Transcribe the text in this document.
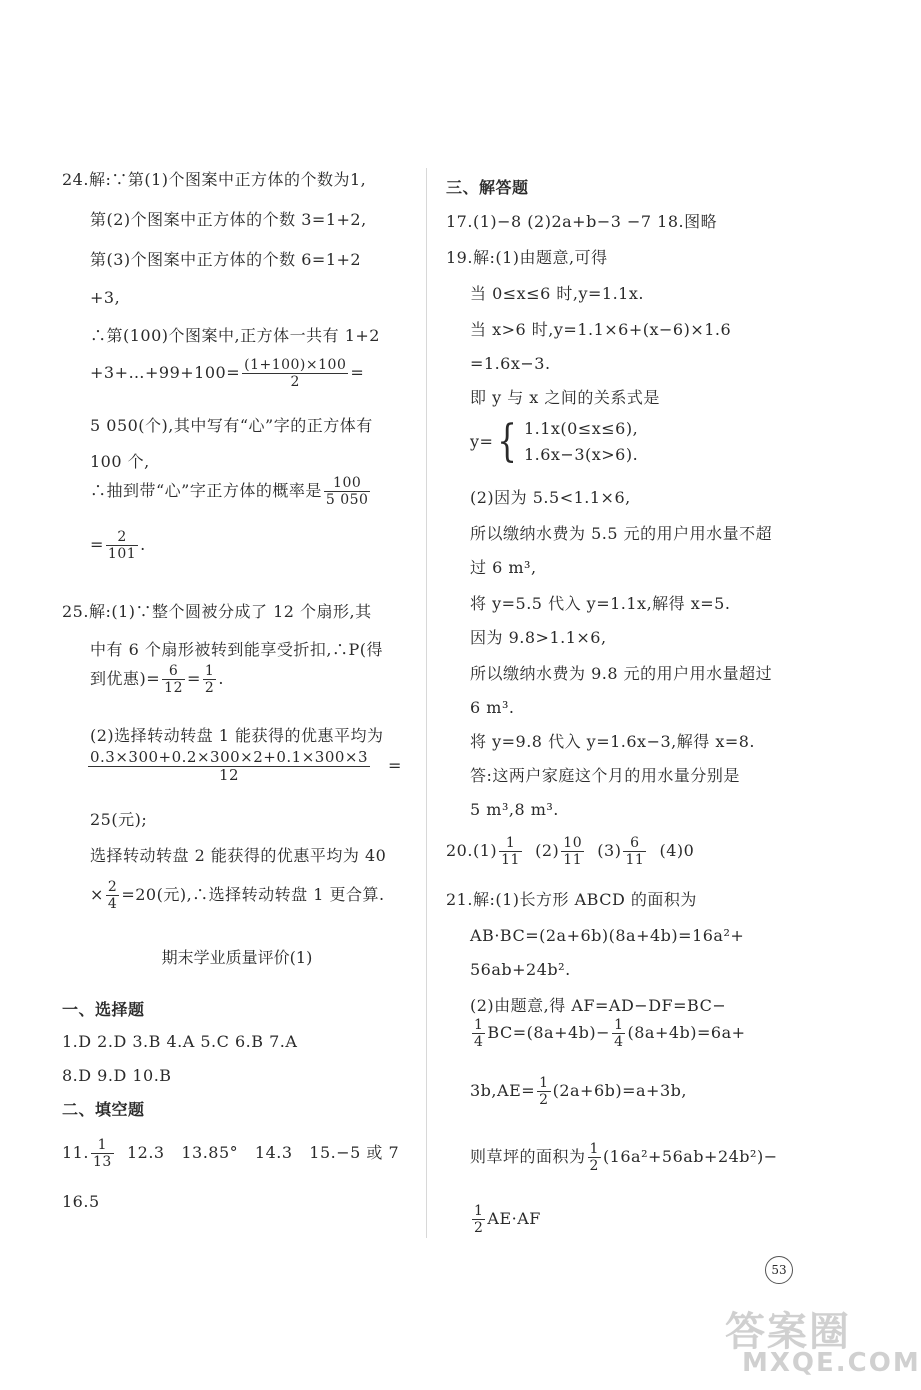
24.解:∵第(1)个图案中正方体的个数为1,
第(2)个图案中正方体的个数 3=1+2,
第(3)个图案中正方体的个数 6=1+2
+3,
∴第(100)个图案中,正方体一共有 1+2
5 050(个),其中写有“心”字的正方体有
100 个,
25.解:(1)∵整个圆被分成了 12 个扇形,其
中有 6 个扇形被转到能享受折扣,∴P(得
(2)选择转动转盘 1 能获得的优惠平均为
25(元);
选择转动转盘 2 能获得的优惠平均为 40
+3+…+99+100= $\frac{(1+100)\times 100}{2}$ =
∴抽到带“心”字正方体的概率是 $\frac{100}{5 050}$
= $\frac{2}{101}$ .
到优惠)= $\frac{6}{12} = \frac{1}{2}$ .
$\frac{0.3\times 300+0.2\times 300\times 2+0.1\times 300\times 3}{12}$ =
× $\frac{2}{4} =20$(元),∴选择转动转盘 1 更合算.
期末学业质量评价(1)
一、选择题
1.D 2.D 3.B 4.A 5.C 6.B 7.A
8.D 9.D 10.B
二、填空题
11. $\frac{1}{13} 12.3$   13.85°   14.3   15.−5 或 7
16.5
三、解答题
17.(1)−8 (2)2a+b−3 −7 18.图略
19.解:(1)由题意,可得
当 0≤x≤6 时,y=1.1x.
当 x>6 时,y=1.1×6+(x−6)×1.6
=1.6x−3.
即 y 与 x 之间的关系式是
(2)因为 5.5<1.1×6,
所以缴纳水费为 5.5 元的用户用水量不超
过 6 m³,
将 y=5.5 代入 y=1.1x,解得 x=5.
因为 9.8>1.1×6,
所以缴纳水费为 9.8 元的用户用水量超过
6 m³.
将 y=9.8 代入 y=1.6x−3,解得 x=8.
答:这两户家庭这个月的用水量分别是
5 m³,8 m³.
21.解:(1)长方形 ABCD 的面积为
AB·BC=(2a+6b)(8a+4b)=16a²+
56ab+24b².
(2)由题意,得 AF=AD−DF=BC−
y= { 1.1x(0≤x≤6),
1.6x−3(x>6).
$20.(1) \frac{1}{11} (2) \frac{10}{11} (3) \frac{6}{11} (4)0$
$\frac{1}{4} BC=(8a+4b)- \frac{1}{4} (8a+4b)=6a+$
$3b,AE= \frac{1}{2} (2a+6b)=a+3b$,
则草坪的面积为 $\frac{1}{2} (16a^2+56ab+24b^2)-$
$\frac{1}{2} AE\cdot AF$
53
答案圈
MXQE.COM
